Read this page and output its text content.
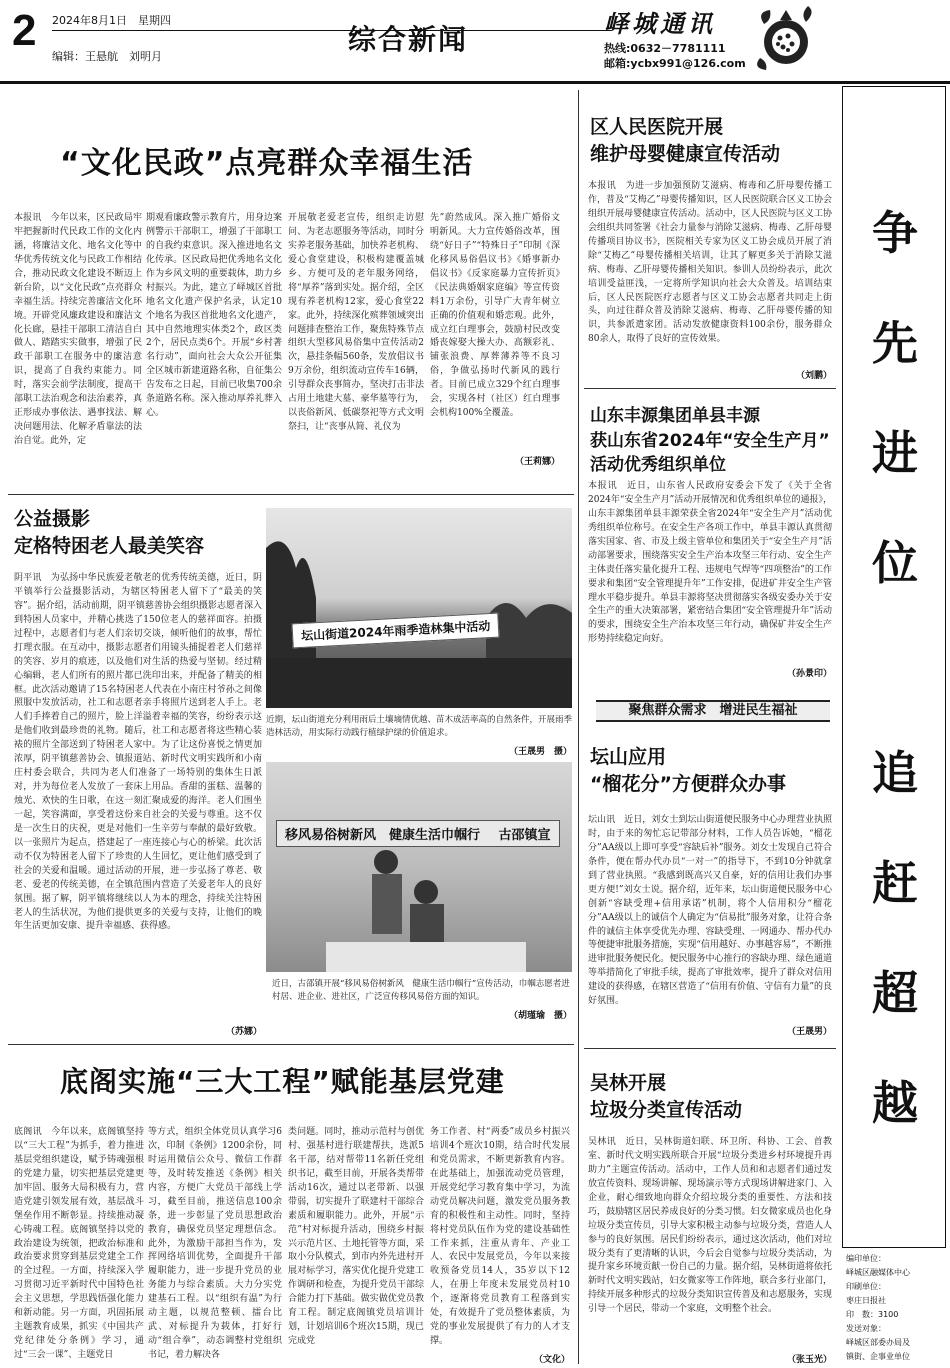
2 2024年8月1日　星期四
编辑：王悬航　刘明月
综合新闻	峄城通讯
热线:0632－7781111
邮箱:ycbx991@126.com
“文化民政”点亮群众幸福生活
本报讯　今年以来，区民政局牢牢把握新时代民政工作的文化内涵，将廉洁文化、地名文化等中华优秀传统文化与民政工作相结合，推动民政文化建设不断迈上新台阶，以“文化民政”点亮群众幸福生活。持续完善廉洁文化环境。开辟党风廉政建设和廉洁文化长廊，悬挂干部职工清洁自白做人、踏踏实实做事，增强了民政干部职工在服务中的廉洁意识，提高了自我约束能力。同时，落实会前学法制度，提高干部职工法治观念和法治素养，真正形成办事依法、遇事找法、解决问题用法、化解矛盾靠法的法治自觉。此外，定
期观看廉政警示教育片，用身边案例警示干部职工，增强了干部职工的自我约束意识。深入推进地名文化传承。区民政局把优秀地名文化作为乡风文明的重要载体，助力乡村振兴。为此，建立了峄城区首批地名文化遗产保护名录，认定10个地名为我区首批地名文化遗产，其中自然地理实体类2个，政区类2个，居民点类6个。开展“乡村著名行动”，面向社会大众公开征集全区城市新建道路名称，自征集公告发布之日起，目前已收集700余条道路名称。深入推动厚养礼葬入心。
开展敬老爱老宣传，组织走访慰问、为老志愿服务等活动，同时分实养老服务基础，加快养老机构、爱心食堂建设，积极构建覆盖城乡、方便可及的老年服务网络，将“厚养”落到实处。据介绍，全区现有养老机构12家，爱心食堂22家。此外，持续深化殡葬领域突出问题排查整治工作，聚焦特殊节点组织大型移风易俗集中宣传活动2次，悬挂条幅560条，发放倡议书9万余份，组织流动宣传车16辆，引导群众丧事简办，坚决打击非法占用土地建大墓、豪华墓等行为，以丧俗新风、低碳祭祀等方式文明祭扫，让“丧事从简、礼仪为
先”蔚然成风。深入推广婚俗文明新风。大力宣传婚俗改革，围绕“好日子”“特殊日子”印制《深化移风易俗倡议书》《婚事新办倡议书》《反家庭暴力宣传折页》《民法典婚姻家庭编》等宣传资料1万余份，引导广大青年树立正确的价值观和婚恋观。此外，成立红白理事会，鼓励村民改变婚丧嫁娶大操大办、高额彩礼、铺张浪费、厚葬薄养等不良习俗，争做弘扬时代新风的践行者。目前已成立329个红白理事会，实现各村（社区）红白理事会机构100%全覆盖。
（王莉娜）
区人民医院开展
维护母婴健康宣传活动
本报讯　为进一步加强预防艾滋病、梅毒和乙肝母婴传播工作，普及“艾梅乙”母婴传播知识，区人民医院联合区义工协会组织开展母婴健康宣传活动。活动中，区人民医院与区义工协会组织共同签署《社会力量参与消除艾滋病、梅毒、乙肝母婴传播项目协议书》，医院相关专家为区义工协会成员开展了消除“艾梅乙”母婴传播相关培训，让其了解更多关于消除艾滋病、梅毒、乙肝母婴传播相关知识。参训人员纷纷表示，此次培训受益匪浅，一定将所学知识向社会大众普及。培训结束后，区人民医院医疗志愿者与区义工协会志愿者共同走上街头，向过往群众普及消除艾滋病、梅毒、乙肝母婴传播的知识，共参派遣家团。活动发放健康资料100余份，服务群众80余人，取得了良好的宣传效果。
（刘鹏）
山东丰源集团单县丰源
获山东省2024年“安全生产月”
活动优秀组织单位
本报讯　近日，山东省人民政府安委会下发了《关于全省2024年“安全生产月”活动开展情况和优秀组织单位的通报》，山东丰源集团单县丰源荣获全省2024年“安全生产月”活动优秀组织单位称号。在安全生产各项工作中，单县丰源认真贯彻落实国家、省、市及上级主管单位和集团关于“安全生产月”活动部署要求，围绕落实安全生产治本攻坚三年行动、安全生产主体责任落实量化提升工程、违规电气焊等“四项整治”的工作要求和集团“安全管理提升年”工作安排，促进矿井安全生产管理水平稳步提升。单县丰源将坚决贯彻落实各级安委办关于安全生产的重大决策部署，紧密结合集团“安全管理提升年”活动的要求，围绕安全生产治本攻坚三年行动，确保矿井安全生产形势持续稳定向好。
（孙景印）
聚焦群众需求　增进民生福祉
坛山应用
“榴花分”方便群众办事
坛山讯　近日，刘女士到坛山街道便民服务中心办理营业执照时，由于来的匆忙忘记带部分材料，工作人员告诉她，“榴花分”AA级以上即可享受“容缺后补”服务。刘女士发现自己符合条件，便在帮办代办员“一对一”的指导下，不到10分钟就拿到了营业执照。“我感到既高兴又自豪，好的信用让我们办事更方便!”刘女士说。据介绍，近年来，坛山街道便民服务中心创新“容缺受理+信用承诺”机制，将个人信用积分“榴花分”AA级以上的诚信个人确定为“信易批”服务对象，让符合条件的诚信主体享受优先办理、容缺受理、一网通办、帮办代办等便捷审批服务措施，实现“信用越好、办事越容易”，不断推进审批服务便民化。便民服务中心推行的容缺办理、绿色通道等举措简化了审批手续，提高了审批效率，提升了群众对信用建设的获得感，在辖区营造了“信用有价值、守信有力量”的良好氛围。
（王晟男）
公益摄影
定格特困老人最美笑容
阴平讯　为弘扬中华民族爱老敬老的优秀传统美德，近日，阴平镇举行公益摄影活动，为辖区特困老人留下了“最美的笑容”。据介绍，活动前期，阴平镇慈善协会组织摄影志愿者深入到特困人员家中，并精心挑选了150位老人的慈祥面容。拍摄过程中，志愿者们与老人们亲切交谈，倾听他们的故事，帮忙打理衣服。在互动中，摄影志愿者们用镜头捕捉着老人们慈祥的笑容、岁月的痕迹，以及他们对生活的热爱与坚韧。经过精心编辑，老人们所有的照片都已洗印出来，并配备了精美的相框。此次活动邀请了15名特困老人代表在小南庄村爷孙之间像照服中发放活动，社工和志愿者亲手将照片送到老人手上。老人们手捧着自己的照片，脸上洋溢着幸福的笑容，纷纷表示这是他们收到最珍贵的礼物。随后，社工和志愿者将这些精心装裱的照片全部送到了特困老人家中。为了让这份喜悦之情更加浓厚，阴平镇慈善协会、镇报道站、新时代文明实践所和小南庄村委会联合，共同为老人们准备了一场特别的集体生日派对，并为每位老人发放了一套床上用品。香甜的蛋糕、温馨的烛光、欢快的生日歌，在这一刻汇聚成爱的海洋。老人们围坐一起，笑容满面，享受着这份来自社会的关爱与尊重。这不仅是一次生日的庆祝，更是对他们一生辛劳与奉献的最好致敬。以一张照片为起点，搭建起了一座连接心与心的桥梁。此次活动不仅为特困老人留下了珍贵的人生回忆，更让他们感受到了社会的关爱和温暖。通过活动的开展，进一步弘扬了尊老、敬老、爱老的传统美德，在全镇范围内营造了关爱老年人的良好氛围。据了解，阴平镇将继续以人为本的理念，持续关注特困老人的生活状况，为他们提供更多的关爱与支持，让他们的晚年生活更加安康、提升幸福感、获得感。
（苏娜）
坛山街道2024年雨季造林集中活动
近期，坛山街道充分利用雨后土壤墒情优越、苗木成活率高的自然条件，开展雨季造林活动，用实际行动践行植绿护绿的价值追求。
（王晟男　摄）
移风易俗树新风　健康生活巾帼行 古邵镇宣
近日，古邵镇开展“移风易俗树新风　健康生活巾帼行”宣传活动，巾帼志愿者进村居、进企业、进社区，广泛宣传移风易俗方面的知识。
（胡瑾瑜　摄）
底阁实施“三大工程”赋能基层党建
底阁讯　今年以来，底阁镇坚持以“三大工程”为抓手，着力推进基层党组织建设，赋予铸魂强根的党建力量，切实把基层党建更加牢固、服务大局积极有力，营造党建引领发展有效，基层战斗堡垒作用不断彰显。持续推动凝心铸魂工程。底阁镇坚持以党的政治建设为统领，把政治标准和政治要求贯穿到基层党建全工作的全过程。一方面，持续深入学习贯彻习近平新时代中国特色社会主义思想，学思践悟强化能力和新动能。另一方面，巩固拓展主题教育成果，抓实《中国共产党纪律处分条例》学习，通过“三会一课”、主题党日
等方式，组织全体党员认真学习6次，印制《条例》1200余份，同时运用微信公众号、微信工作群等，及时转发推送《条例》相关内容，方便广大党员干部线上学习，截至目前，推送信息100余条，进一步彰显了党员思想政治教育，确保党员坚定理想信念。此外，为激励干部担当作为，发挥网络培训优势，全面提升干部履职能力，进一步提升党员的业务能力与综合素质。大力分实党建基石工程。以“组织有温”为行动主题，以规范整顿、擂台比武、对标提升为载体，打好行动“组合拳”，动态调整村党组织书记，着力解决各
类问题。同时，推动示范村与创优村、强基村进行联建帮扶，选派5名干部，结对帮带11名新任党组织书记，截至目前，开展各类帮带活动16次，通过以老带新、以强带弱，切实提升了联建村干部综合素质和履职能力。此外，开展“示范”村对标提升活动，围绕乡村振兴示范片区、土地托管等方面，采取小分队模式，到市内外先进村开展对标学习，落实优化提升党建工作调研和检查，为提升党员干部综合能力打下基础。做实做优党员教育工程。制定底阁镇党员培训计划，计划培训6个班次15期，现已完成党
务工作者、村“两委”成员乡村振兴培训4个班次10期，结合时代发展和党员需求，不断更新教育内容。在此基础上，加强流动党员管理，开展党纪学习教育集中学习，为流动党员解决问题，激发党员服务教育的积极性和主动性。同时，坚持将村党员队伍作为党的建设基础性工作来抓，注重从青年、产业工人、农民中发展党员，今年以来接收预备党员14人，35岁以下12人，在册上年度未发展党员村10个，逐渐将党员教育工程落到实处，有效提升了党员整体素质，为党的事业发展提供了有力的人才支撑。
（文化）
吴林开展
垃圾分类宣传活动
吴林讯　近日，吴林街道妇联、环卫所、科协、工会、首教室、新时代文明实践所联合开展“垃圾分类进乡村环境提升再助力”主题宣传活动。活动中，工作人员和和志愿者们通过发放宣传资料、现场讲解、现场演示等方式现场讲解进家门、入企业，耐心细致地向群众介绍垃圾分类的重要性、方法和技巧，鼓励辖区居民养成良好的分类习惯。妇女微家成员也化身垃圾分类宣传员，引导大家积极主动参与垃圾分类，营造人人参与的良好氛围。居民们纷纷表示，通过这次活动，他们对垃圾分类有了更清晰的认识，今后会自觉参与垃圾分类活动，为提升家乡环境贡献一份自己的力量。据介绍，吴林街道将依托新时代文明实践站，妇女微家等工作阵地，联合多行业部门，持续开展多种形式的垃圾分类知识宣传普及和志愿服务，实现引导一个居民，带动一个家庭，文明整个社会。
（张玉光）
争
先
进
位
追
赶
超
越
编印单位：
峄城区融媒体中心
印刷单位：
枣庄日报社
印　数：3100
发送对象：
峄城区部委办局及
镇街、企事业单位
